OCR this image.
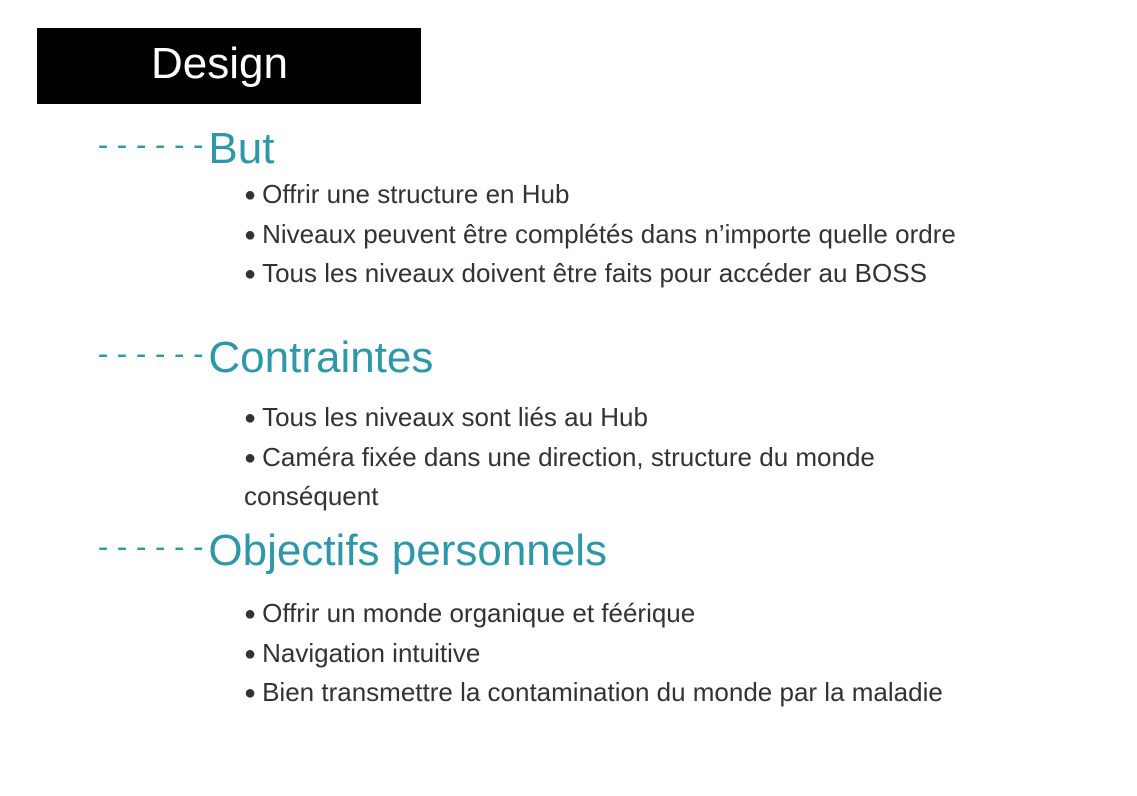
Design
------ But
● Offrir une structure en Hub
● Niveaux peuvent être complétés dans n’importe quelle ordre
● Tous les niveaux doivent être faits pour accéder au BOSS
------ Contraintes
● Tous les niveaux sont liés au Hub
● Caméra fixée dans une direction, structure du monde conséquent
------ Objectifs personnels
● Offrir un monde organique et féérique
● Navigation intuitive
● Bien transmettre la contamination du monde par la maladie
